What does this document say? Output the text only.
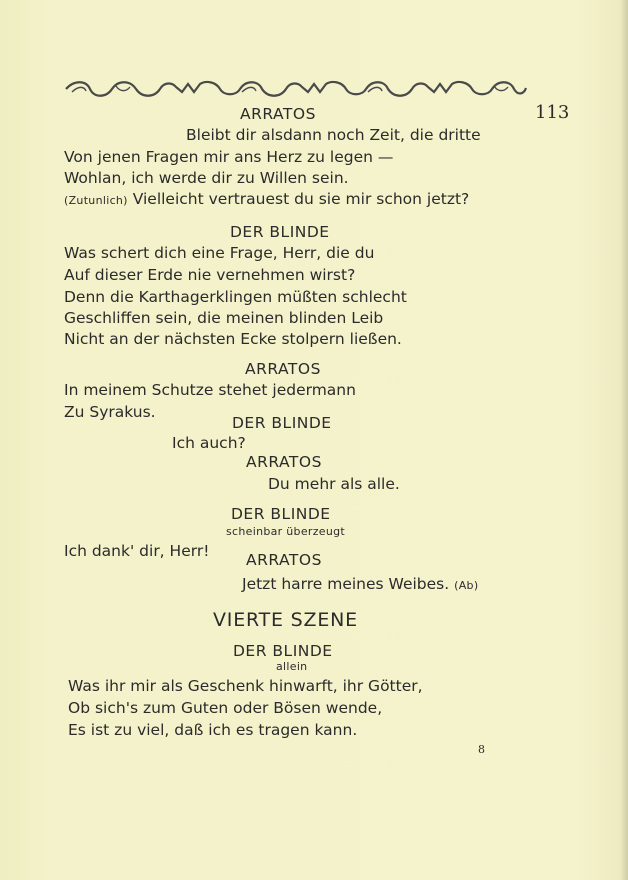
113
ARRATOS
Bleibt dir alsdann noch Zeit, die dritte
Von jenen Fragen mir ans Herz zu legen —
Wohlan, ich werde dir zu Willen sein.
(Zutunlich) Vielleicht vertrauest du sie mir schon jetzt?
DER BLINDE
Was schert dich eine Frage, Herr, die du
Auf dieser Erde nie vernehmen wirst?
Denn die Karthagerklingen müßten schlecht
Geschliffen sein, die meinen blinden Leib
Nicht an der nächsten Ecke stolpern ließen.
ARRATOS
In meinem Schutze stehet jedermann
Zu Syrakus.
DER BLINDE
Ich auch?
ARRATOS
Du mehr als alle.
DER BLINDE
scheinbar überzeugt
Ich dank' dir, Herr! ARRATOS
Jetzt harre meines Weibes. (Ab)
VIERTE SZENE
DER BLINDE
allein
Was ihr mir als Geschenk hinwarft, ihr Götter,
Ob sich's zum Guten oder Bösen wende,
Es ist zu viel, daß ich es tragen kann.
8
